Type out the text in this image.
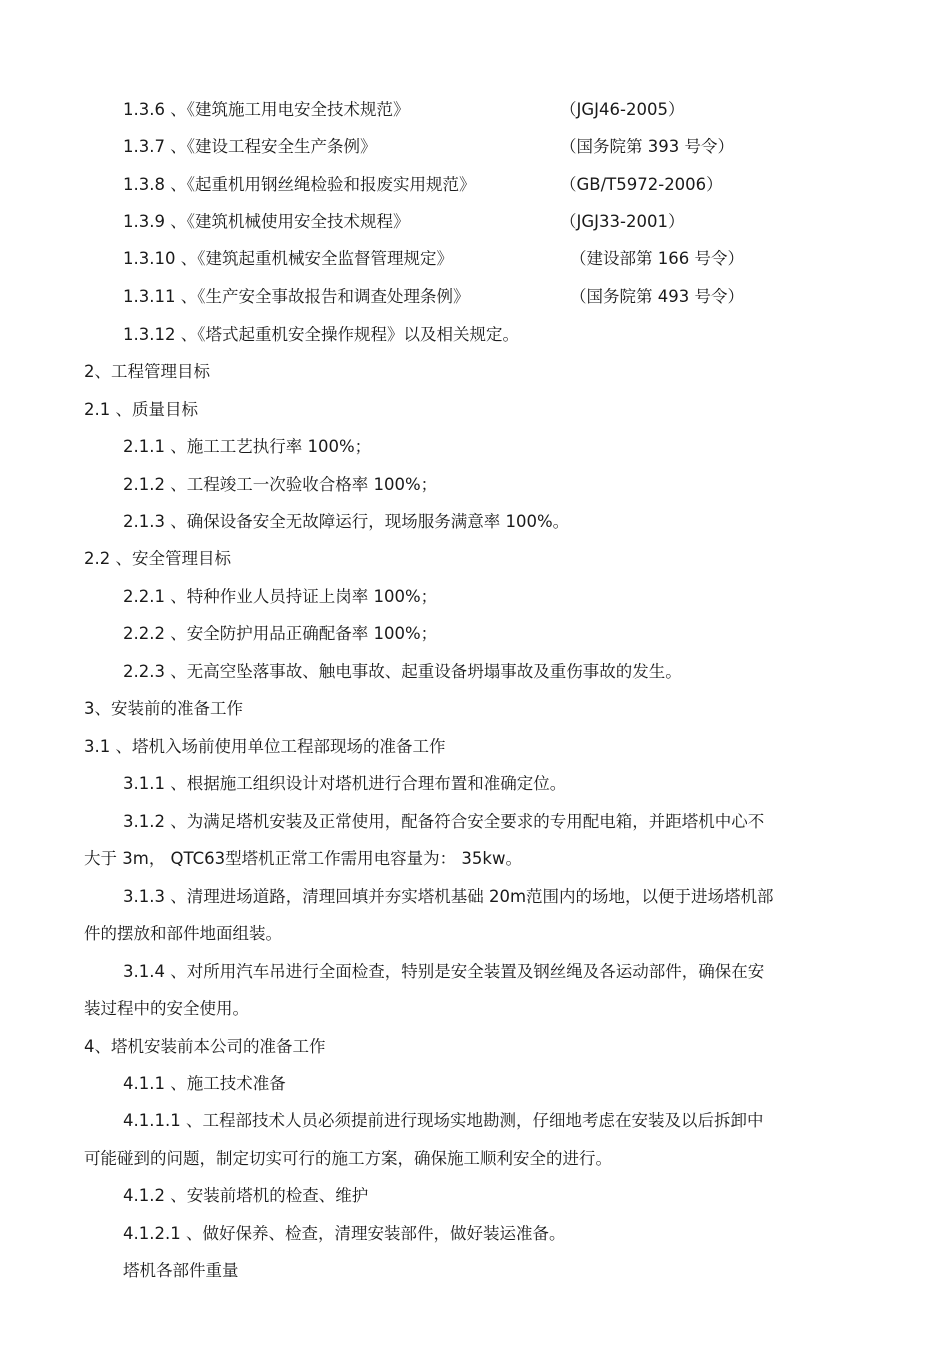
1.3.6 、《建筑施工用电安全技术规范》	（JGJ46-2005）
1.3.7 、《建设工程安全生产条例》	（国务院第 393 号令）
1.3.8 、《起重机用钢丝绳检验和报废实用规范》	（GB/T5972-2006）
1.3.9 、《建筑机械使用安全技术规程》	（JGJ33-2001）
1.3.10 、《建筑起重机械安全监督管理规定》	（建设部第 166 号令）
1.3.11 、《生产安全事故报告和调查处理条例》	（国务院第 493 号令）
1.3.12 、《塔式起重机安全操作规程》以及相关规定。
2、工程管理目标
2.1 、质量目标
2.1.1 、施工工艺执行率 100%；
2.1.2 、工程竣工一次验收合格率 100%；
2.1.3 、确保设备安全无故障运行，现场服务满意率 100%。
2.2 、安全管理目标
2.2.1 、特种作业人员持证上岗率 100%；
2.2.2 、安全防护用品正确配备率 100%；
2.2.3 、无高空坠落事故、触电事故、起重设备坍塌事故及重伤事故的发生。
3、安装前的准备工作
3.1 、塔机入场前使用单位工程部现场的准备工作
3.1.1 、根据施工组织设计对塔机进行合理布置和准确定位。
3.1.2 、为满足塔机安装及正常使用，配备符合安全要求的专用配电箱，并距塔机中心不
大于 3m， QTC63型塔机正常工作需用电容量为： 35kw。
3.1.3 、清理进场道路，清理回填并夯实塔机基础 20m范围内的场地，以便于进场塔机部
件的摆放和部件地面组装。
3.1.4 、对所用汽车吊进行全面检查，特别是安全装置及钢丝绳及各运动部件，确保在安
装过程中的安全使用。
4、塔机安装前本公司的准备工作
4.1.1 、施工技术准备
4.1.1.1 、工程部技术人员必须提前进行现场实地勘测，仔细地考虑在安装及以后拆卸中
可能碰到的问题，制定切实可行的施工方案，确保施工顺利安全的进行。
4.1.2 、安装前塔机的检查、维护
4.1.2.1 、做好保养、检查，清理安装部件，做好装运准备。
塔机各部件重量
